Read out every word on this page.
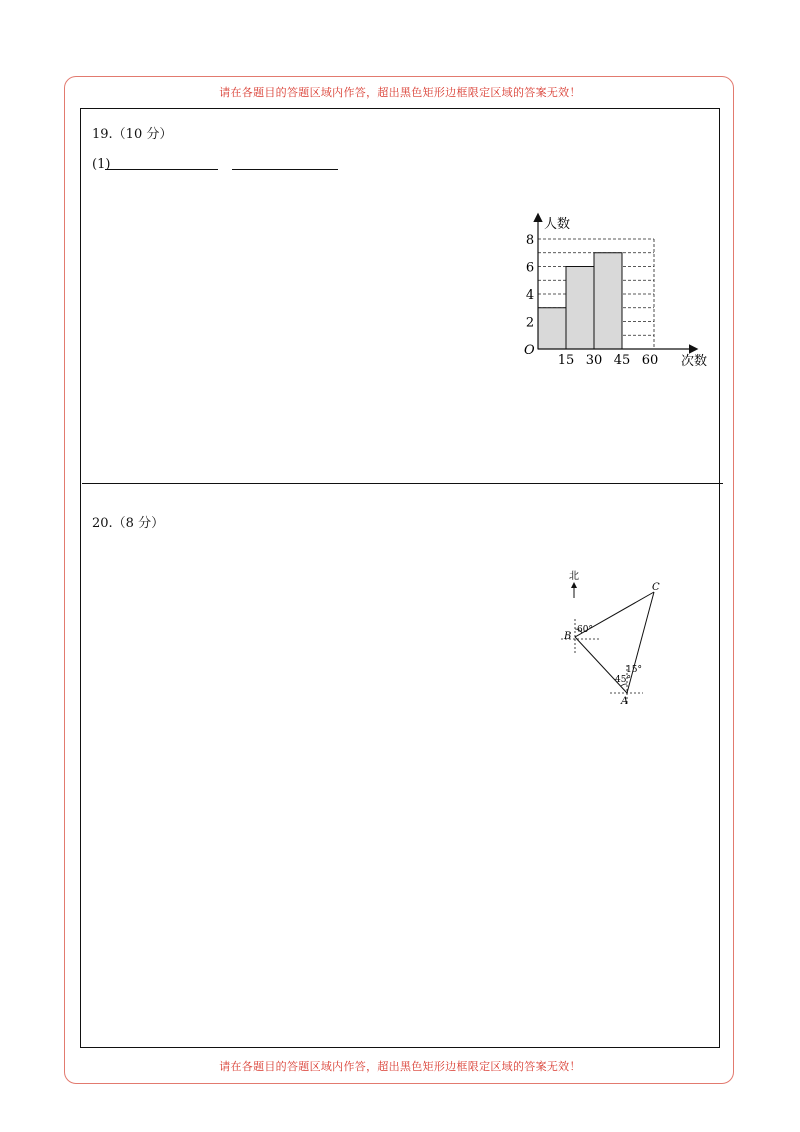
请在各题目的答题区域内作答，超出黑色矩形边框限定区域的答案无效！
请在各题目的答题区域内作答，超出黑色矩形边框限定区域的答案无效！
19.（10 分）
(1)
15 30 45 60
2
4
6
8
人数
次数
O
北
B
C
A
60°
45°
15°
20.（8 分）
